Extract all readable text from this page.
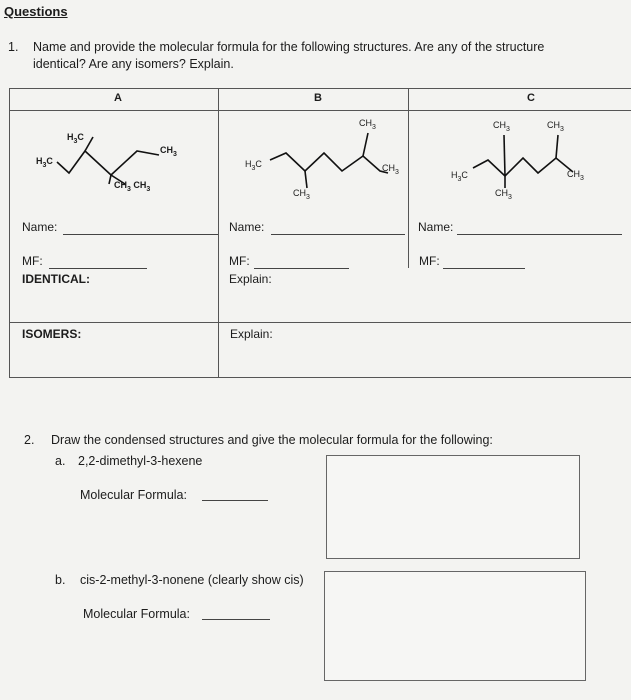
Questions
1. Name and provide the molecular formula for the following structures. Are any of the structure
identical? Are any isomers? Explain.
A	B	C
$H_3C$
$CH_3$
$H_3C$
$CH_3$ $CH_3$
$CH_3$
$H_3C$	$CH_3$
$CH_3$
$CH_3$	$CH_3$
$H_3C$	$CH_3$
$CH_3$
Name:	Name:	Name:
MF:	MF:	MF:
IDENTICAL:	Explain:
ISOMERS:	Explain:
2. Draw the condensed structures and give the molecular formula for the following:
a. 2,2-dimethyl-3-hexene
Molecular Formula:
b. cis-2-methyl-3-nonene (clearly show cis)
Molecular Formula:
